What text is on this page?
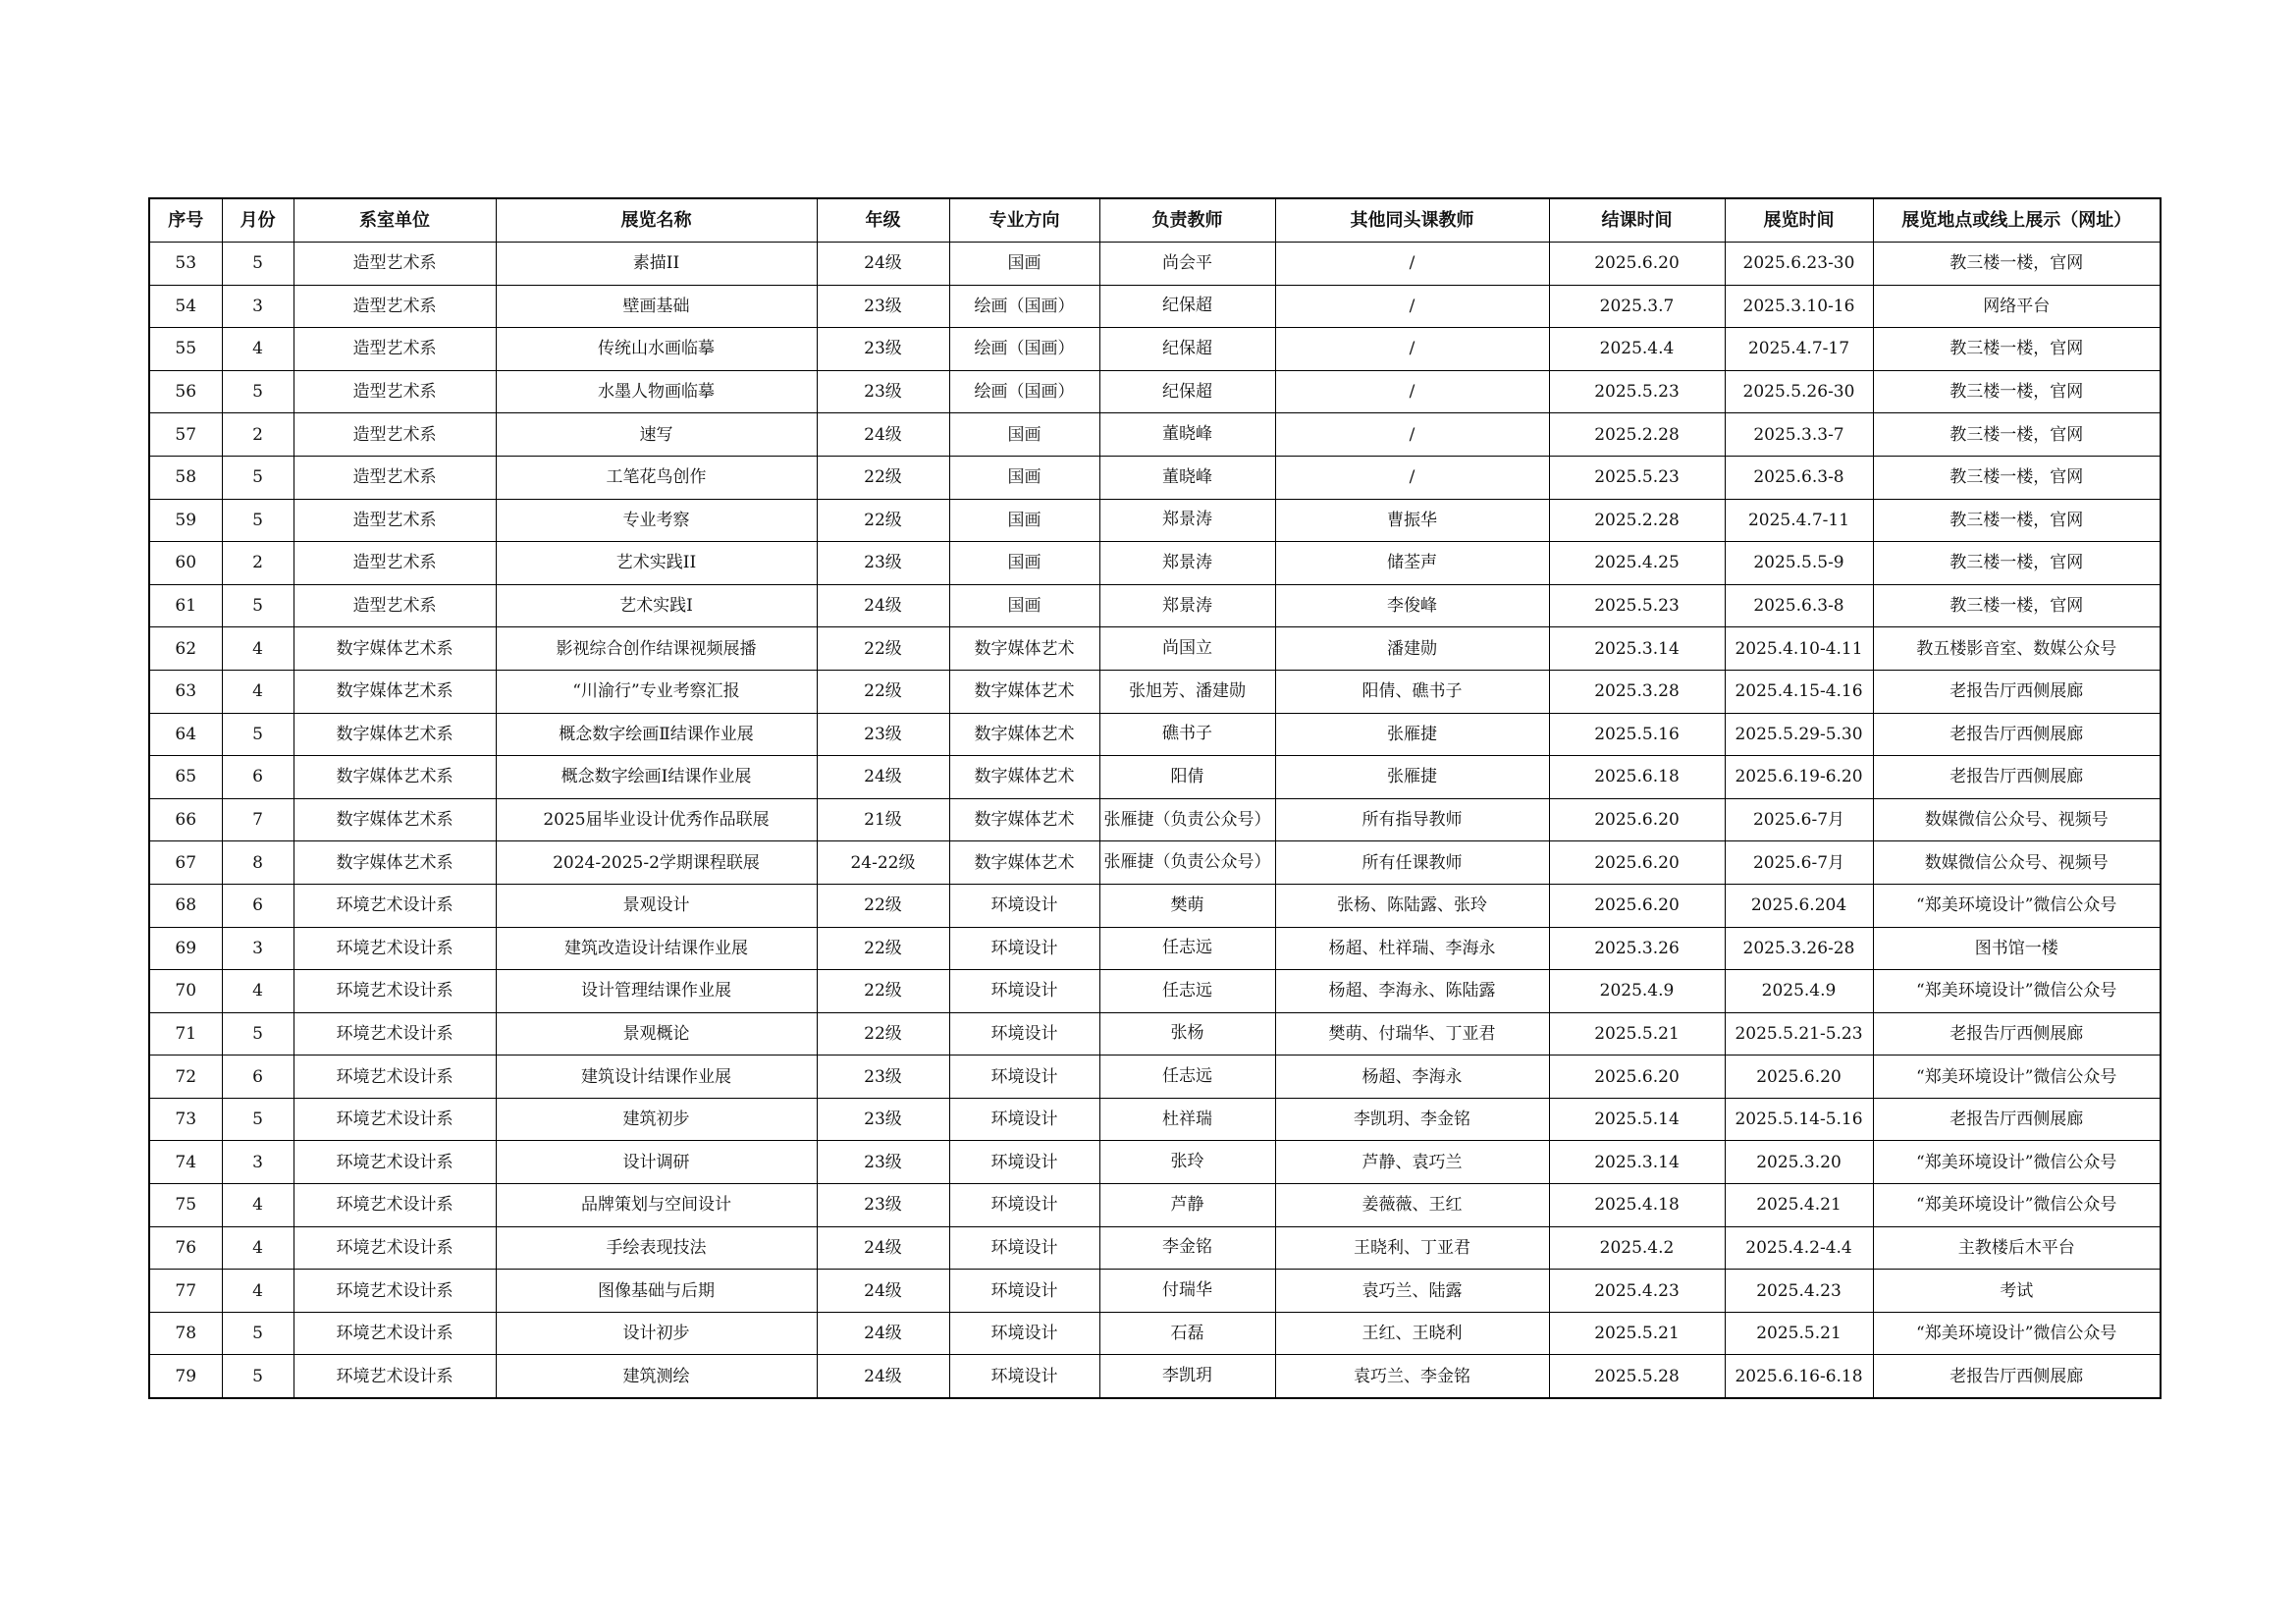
序号	月份	系室单位	展览名称	年级	专业方向	负责教师	其他同头课教师	结课时间	展览时间	展览地点或线上展示（网址）
53	5	造型艺术系	素描II	24级	国画	尚会平	/	2025.6.20	2025.6.23-30	教三楼一楼，官网
54	3	造型艺术系	壁画基础	23级	绘画（国画）	纪保超	/	2025.3.7	2025.3.10-16	网络平台
55	4	造型艺术系	传统山水画临摹	23级	绘画（国画）	纪保超	/	2025.4.4	2025.4.7-17	教三楼一楼，官网
56	5	造型艺术系	水墨人物画临摹	23级	绘画（国画）	纪保超	/	2025.5.23	2025.5.26-30	教三楼一楼，官网
57	2	造型艺术系	速写	24级	国画	董晓峰	/	2025.2.28	2025.3.3-7	教三楼一楼，官网
58	5	造型艺术系	工笔花鸟创作	22级	国画	董晓峰	/	2025.5.23	2025.6.3-8	教三楼一楼，官网
59	5	造型艺术系	专业考察	22级	国画	郑景涛	曹振华	2025.2.28	2025.4.7-11	教三楼一楼，官网
60	2	造型艺术系	艺术实践II	23级	国画	郑景涛	储荃声	2025.4.25	2025.5.5-9	教三楼一楼，官网
61	5	造型艺术系	艺术实践I	24级	国画	郑景涛	李俊峰	2025.5.23	2025.6.3-8	教三楼一楼，官网
62	4	数字媒体艺术系	影视综合创作结课视频展播	22级	数字媒体艺术	尚国立	潘建勋	2025.3.14	2025.4.10-4.11	教五楼影音室、数媒公众号
63	4	数字媒体艺术系	“川渝行”专业考察汇报	22级	数字媒体艺术	张旭芳、潘建勋	阳倩、礁书子	2025.3.28	2025.4.15-4.16	老报告厅西侧展廊
64	5	数字媒体艺术系	概念数字绘画Ⅱ结课作业展	23级	数字媒体艺术	礁书子	张雁捷	2025.5.16	2025.5.29-5.30	老报告厅西侧展廊
65	6	数字媒体艺术系	概念数字绘画Ⅰ结课作业展	24级	数字媒体艺术	阳倩	张雁捷	2025.6.18	2025.6.19-6.20	老报告厅西侧展廊
66	7	数字媒体艺术系	2025届毕业设计优秀作品联展	21级	数字媒体艺术	张雁捷（负责公众号）	所有指导教师	2025.6.20	2025.6-7月	数媒微信公众号、视频号
67	8	数字媒体艺术系	2024-2025-2学期课程联展	24-22级	数字媒体艺术	张雁捷（负责公众号）	所有任课教师	2025.6.20	2025.6-7月	数媒微信公众号、视频号
68	6	环境艺术设计系	景观设计	22级	环境设计	樊萌	张杨、陈陆露、张玲	2025.6.20	2025.6.204	“郑美环境设计”微信公众号
69	3	环境艺术设计系	建筑改造设计结课作业展	22级	环境设计	任志远	杨超、杜祥瑞、李海永	2025.3.26	2025.3.26-28	图书馆一楼
70	4	环境艺术设计系	设计管理结课作业展	22级	环境设计	任志远	杨超、李海永、陈陆露	2025.4.9	2025.4.9	“郑美环境设计”微信公众号
71	5	环境艺术设计系	景观概论	22级	环境设计	张杨	樊萌、付瑞华、丁亚君	2025.5.21	2025.5.21-5.23	老报告厅西侧展廊
72	6	环境艺术设计系	建筑设计结课作业展	23级	环境设计	任志远	杨超、李海永	2025.6.20	2025.6.20	“郑美环境设计”微信公众号
73	5	环境艺术设计系	建筑初步	23级	环境设计	杜祥瑞	李凯玥、李金铭	2025.5.14	2025.5.14-5.16	老报告厅西侧展廊
74	3	环境艺术设计系	设计调研	23级	环境设计	张玲	芦静、袁巧兰	2025.3.14	2025.3.20	“郑美环境设计”微信公众号
75	4	环境艺术设计系	品牌策划与空间设计	23级	环境设计	芦静	姜薇薇、王红	2025.4.18	2025.4.21	“郑美环境设计”微信公众号
76	4	环境艺术设计系	手绘表现技法	24级	环境设计	李金铭	王晓利、丁亚君	2025.4.2	2025.4.2-4.4	主教楼后木平台
77	4	环境艺术设计系	图像基础与后期	24级	环境设计	付瑞华	袁巧兰、陆露	2025.4.23	2025.4.23	考试
78	5	环境艺术设计系	设计初步	24级	环境设计	石磊	王红、王晓利	2025.5.21	2025.5.21	“郑美环境设计”微信公众号
79	5	环境艺术设计系	建筑测绘	24级	环境设计	李凯玥	袁巧兰、李金铭	2025.5.28	2025.6.16-6.18	老报告厅西侧展廊
